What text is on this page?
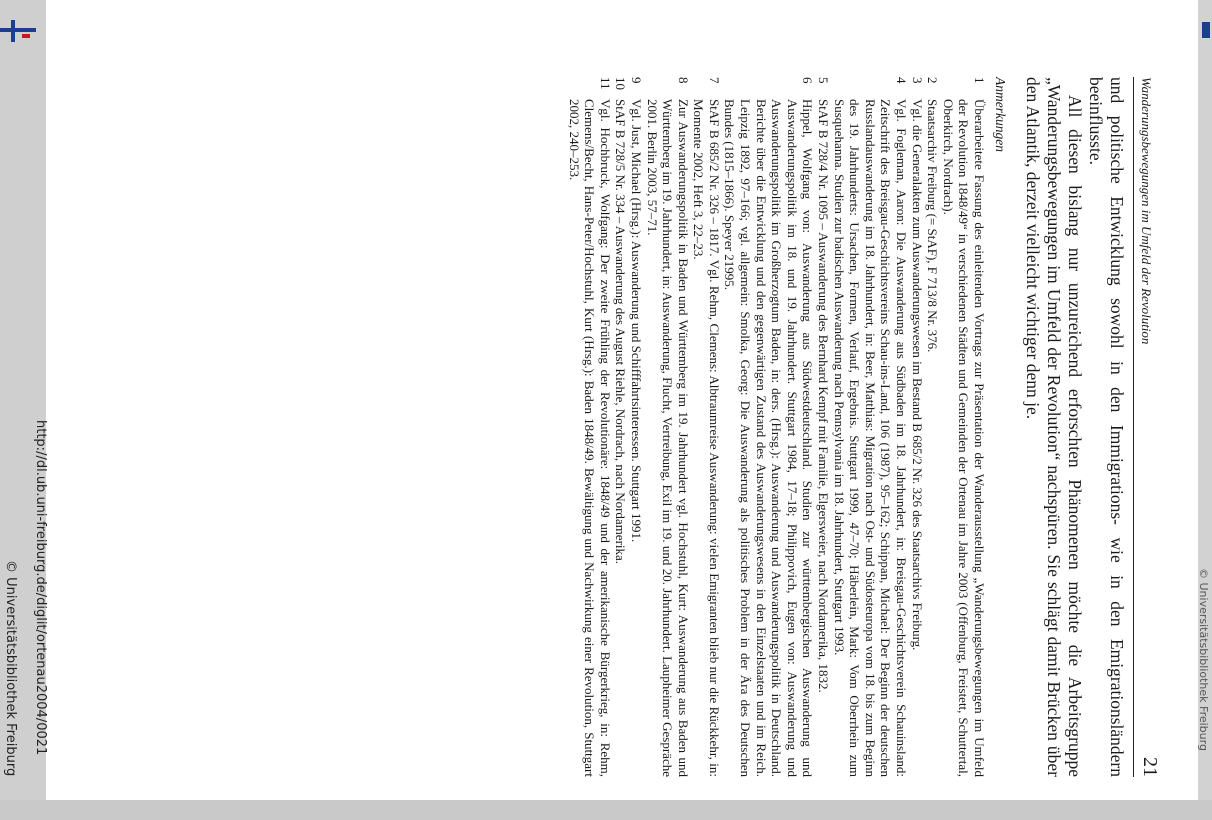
Wanderungsbewegungen im Umfeld der Revolution
21

und politische Entwicklung sowohl in den Immigrations- wie in den Emigrationsländern beeinflusste.

All diesen bislang nur unzureichend erforschten Phänomenen möchte die Arbeitsgruppe „Wanderungsbewegungen im Umfeld der Revolution“ nachspüren. Sie schlägt damit Brücken über den Atlantik, derzeit vielleicht wichtiger denn je.

Anmerkungen
1
Überarbeitete Fassung des einleitenden Vortrags zur Präsentation der Wanderausstellung „Wanderungsbewegungen im Umfeld der Revolution 1848/49“ in verschiedenen Städten und Gemeinden der Ortenau im Jahre 2003 (Offenburg, Freistett, Schuttertal, Oberkirch, Nordrach).
2
Staatsarchiv Freiburg (= StAF), F 713/8 Nr. 376.
3
Vgl. die Generalakten zum Auswanderungswesen im Bestand B 685/2 Nr. 326 des Staatsarchivs Freiburg.
4
Vgl. Fogleman, Aaron: Die Auswanderung aus Südbaden im 18. Jahrhundert, in: Breisgau-Geschichtsverein Schauinsland: Zeitschrift des Breisgau-Geschichtsvereins Schau-ins-Land, 106 (1987), 95–162; Schippan, Michael: Der Beginn der deutschen Russlandauswanderung im 18. Jahrhundert, in: Beer, Matthias: Migration nach Ost- und Südosteuropa vom 18. bis zum Beginn des 19. Jahrhunderts: Ursachen, Formen, Verlauf, Ergebnis. Stuttgart 1999, 47–70; Häberlein, Mark: Vom Oberrhein zum Susquehanna. Studien zur badischen Auswanderung nach Pennsylvania im 18. Jahrhundert, Stuttgart 1993.
5
StAF B 728/4 Nr. 1095 – Auswanderung des Bernhard Kempf mit Familie, Elgersweier, nach Nordamerika, 1832.
6
Hippel, Wolfgang von: Auswanderung aus Südwestdeutschland. Studien zur württembergischen Auswanderung und Auswanderungspolitik im 18. und 19. Jahrhundert. Stuttgart 1984, 17–18; Philippovich, Eugen von: Auswanderung und Auswanderungspolitik im Großherzogtum Baden, in: ders. (Hrsg.): Auswanderung und Auswanderungspolitik in Deutschland. Berichte über die Entwicklung und den gegenwärtigen Zustand des Auswanderungswesens in den Einzelstaaten und im Reich. Leipzig 1892, 97–166; vgl. allgemein: Smolka, Georg: Die Auswanderung als politisches Problem in der Ära des Deutschen Bundes (1815–1866). Speyer 21995.
7
StAF B 685/2 Nr. 326 – 1817. Vgl. Rehm, Clemens: Albtraumreise Auswanderung: vielen Emigranten blieb nur die Rückkehr, in: Momente 2002, Heft 3, 22–23.
8
Zur Auswanderungspolitik in Baden und Württemberg im 19. Jahrhundert vgl. Hochstuhl, Kurt: Auswanderung aus Baden und Württemberg im 19. Jahrhundert, in: Auswanderung, Flucht, Vertreibung, Exil im 19. und 20. Jahrhundert. Laupheimer Gespräche 2001. Berlin 2003, 57–71.
9
Vgl. Just, Michael (Hrsg.): Auswanderung und Schifffahrtsinteressen. Stuttgart 1991.
10
StAF B 728/5 Nr. 334 – Auswanderung des August Riehle, Nordrach, nach Nordamerika.
11
Vgl. Hochbruck, Wolfgang: Der zweite Frühling der Revolutionäre: 1848/49 und der amerikanische Bürgerkrieg, in: Rehm, Clemens/Becht, Hans-Peter/Hochstuhl, Kurt (Hrsg.): Baden 1848/49. Bewältigung und Nachwirkung einer Revolution, Stuttgart 2002, 240–253.
http://dl.ub.uni-freiburg.de/diglit/ortenau2004/0021
© Universitätsbibliothek Freiburg	© Universitätsbibliothek Freiburg
